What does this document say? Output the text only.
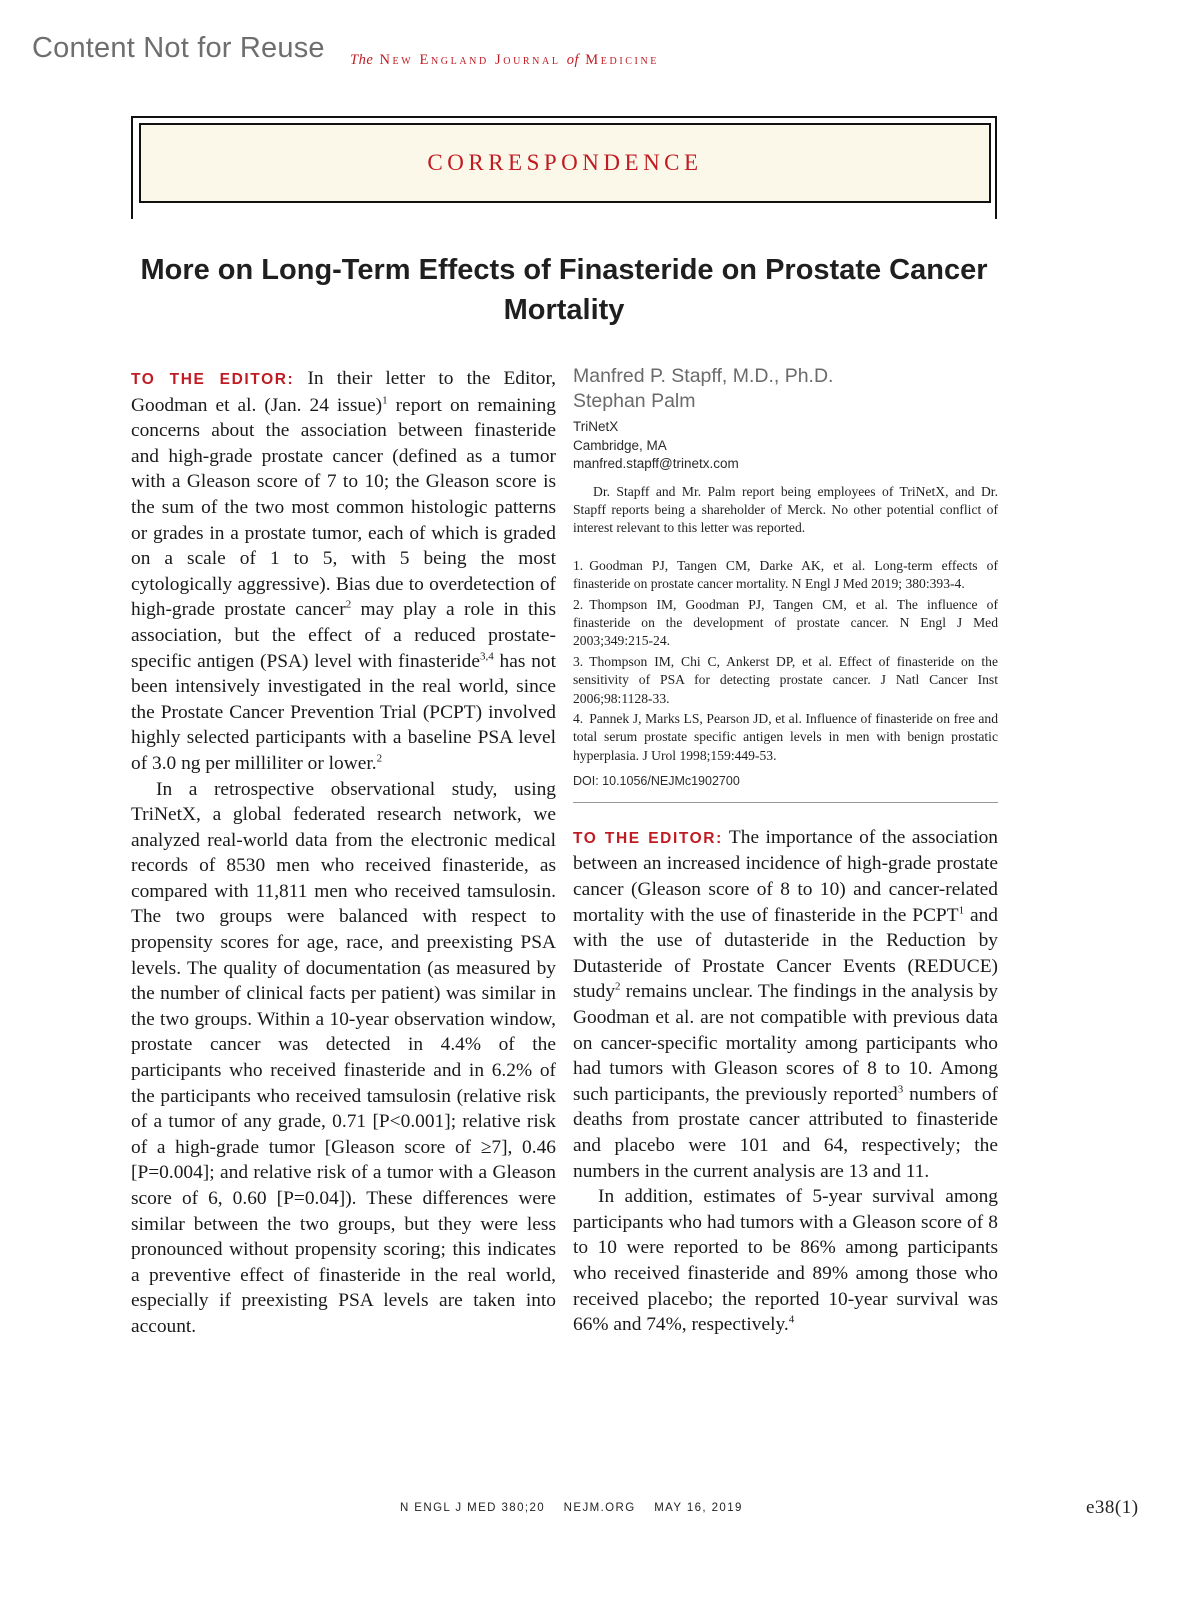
Content Not for Reuse The New England Journal of Medicine
CORRESPONDENCE
More on Long-Term Effects of Finasteride on Prostate Cancer Mortality

TO THE EDITOR: In their letter to the Editor, Goodman et al. (Jan. 24 issue)$^1$ report on remaining concerns about the association between finasteride and high-grade prostate cancer (defined as a tumor with a Gleason score of 7 to 10; the Gleason score is the sum of the two most common histologic patterns or grades in a prostate tumor, each of which is graded on a scale of 1 to 5, with 5 being the most cytologically aggressive). Bias due to overdetection of high-grade prostate cancer$^2$ may play a role in this association, but the effect of a reduced prostate-specific antigen (PSA) level with finasteride$^{3,4}$ has not been intensively investigated in the real world, since the Prostate Cancer Prevention Trial (PCPT) involved highly selected participants with a baseline PSA level of 3.0 ng per milliliter or lower.$^2$

In a retrospective observational study, using TriNetX, a global federated research network, we analyzed real-world data from the electronic medical records of 8530 men who received finasteride, as compared with 11,811 men who received tamsulosin. The two groups were balanced with respect to propensity scores for age, race, and preexisting PSA levels. The quality of documentation (as measured by the number of clinical facts per patient) was similar in the two groups. Within a 10-year observation window, prostate cancer was detected in 4.4% of the participants who received finasteride and in 6.2% of the participants who received tamsulosin (relative risk of a tumor of any grade, 0.71 [P<0.001]; relative risk of a high-grade tumor [Gleason score of ≥7], 0.46 [P=0.004]; and relative risk of a tumor with a Gleason score of 6, 0.60 [P=0.04]). These differences were similar between the two groups, but they were less pronounced without propensity scoring; this indicates a preventive effect of finasteride in the real world, especially if preexisting PSA levels are taken into account.

Manfred P. Stapff, M.D., Ph.D.
Stephan Palm
TriNetX
Cambridge, MA
manfred.stapff@trinetx.com

Dr. Stapff and Mr. Palm report being employees of TriNetX, and Dr. Stapff reports being a shareholder of Merck. No other potential conflict of interest relevant to this letter was reported.

1. Goodman PJ, Tangen CM, Darke AK, et al. Long-term effects of finasteride on prostate cancer mortality. N Engl J Med 2019; 380:393-4.

2. Thompson IM, Goodman PJ, Tangen CM, et al. The influence of finasteride on the development of prostate cancer. N Engl J Med 2003;349:215-24.

3. Thompson IM, Chi C, Ankerst DP, et al. Effect of finasteride on the sensitivity of PSA for detecting prostate cancer. J Natl Cancer Inst 2006;98:1128-33.

4. Pannek J, Marks LS, Pearson JD, et al. Influence of finasteride on free and total serum prostate specific antigen levels in men with benign prostatic hyperplasia. J Urol 1998;159:449-53.

DOI: 10.1056/NEJMc1902700

TO THE EDITOR: The importance of the association between an increased incidence of high-grade prostate cancer (Gleason score of 8 to 10) and cancer-related mortality with the use of finasteride in the PCPT$^1$ and with the use of dutasteride in the Reduction by Dutasteride of Prostate Cancer Events (REDUCE) study$^2$ remains unclear. The findings in the analysis by Goodman et al. are not compatible with previous data on cancer-specific mortality among participants who had tumors with Gleason scores of 8 to 10. Among such participants, the previously reported$^3$ numbers of deaths from prostate cancer attributed to finasteride and placebo were 101 and 64, respectively; the numbers in the current analysis are 13 and 11.

In addition, estimates of 5-year survival among participants who had tumors with a Gleason score of 8 to 10 were reported to be 86% among participants who received finasteride and 89% among those who received placebo; the reported 10-year survival was 66% and 74%, respectively.$^4$

N ENGL J MED 380;20 NEJM.ORG MAY 16, 2019	e38(1)
